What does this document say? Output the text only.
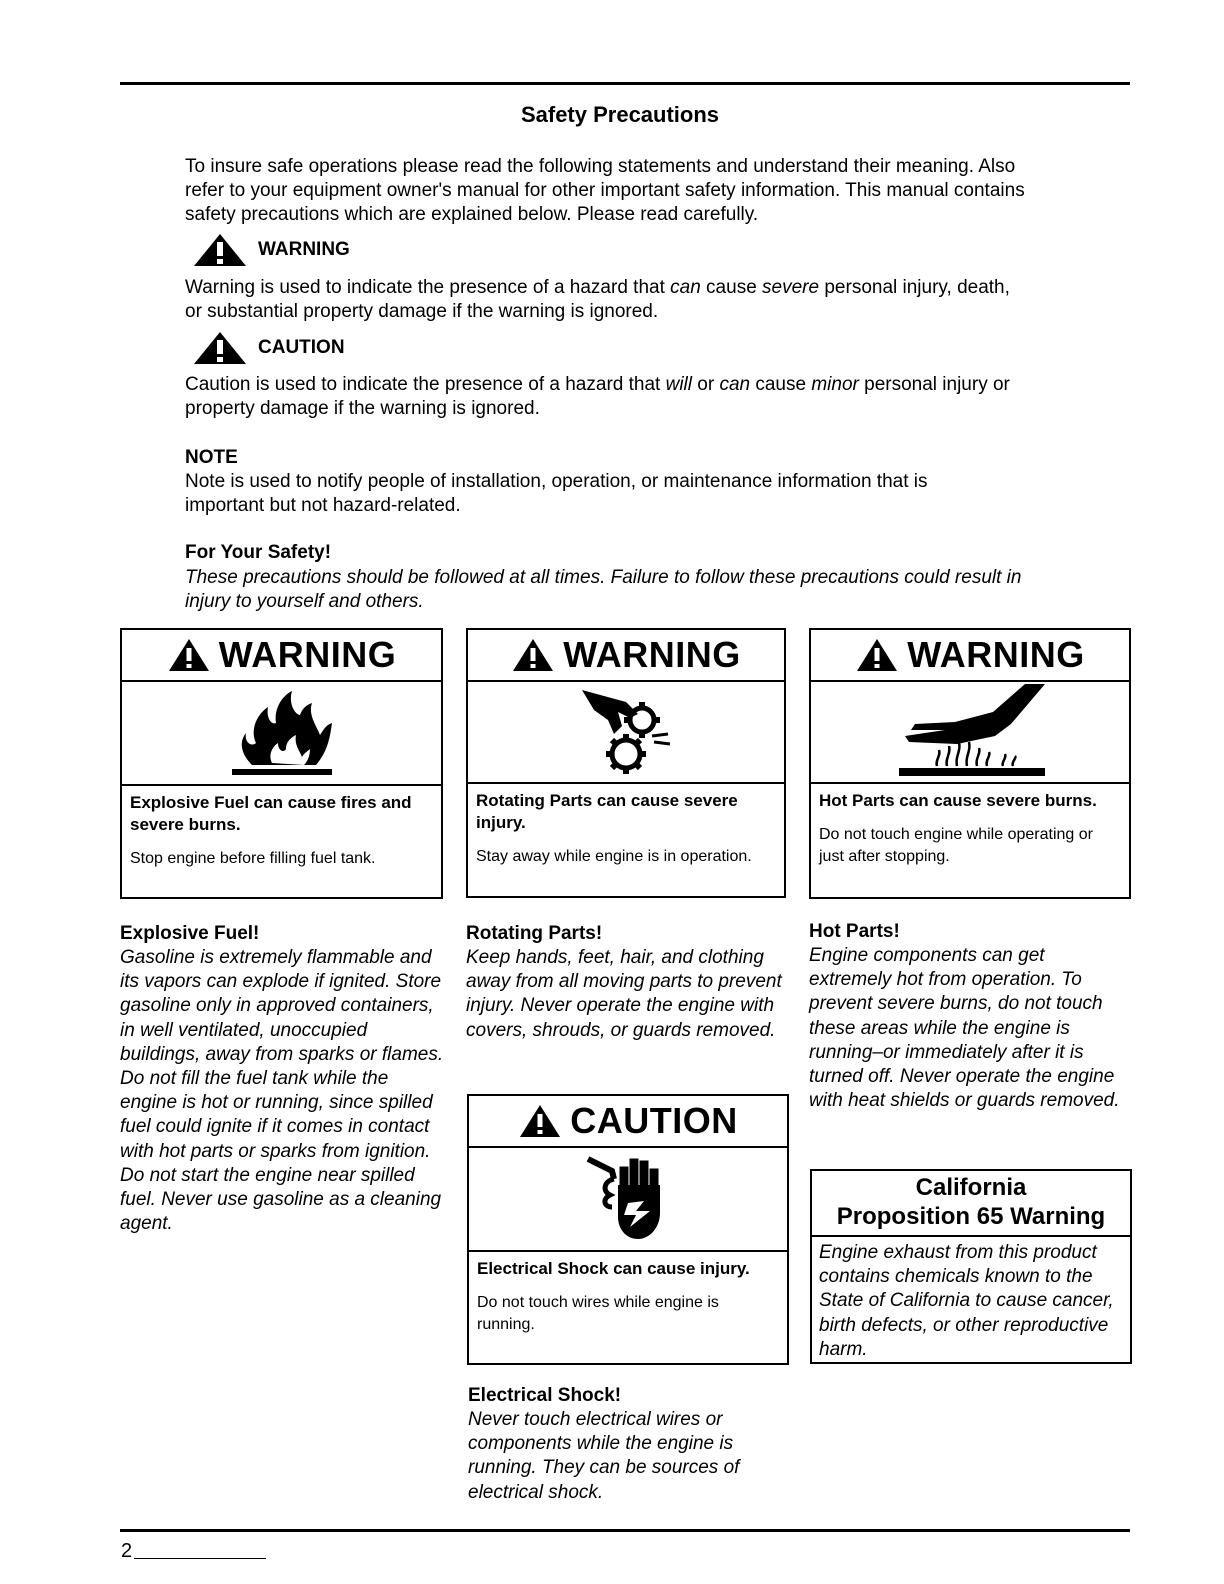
Safety Precautions
To insure safe operations please read the following statements and understand their meaning. Also refer to your equipment owner's manual for other important safety information. This manual contains safety precautions which are explained below. Please read carefully.
WARNING
Warning is used to indicate the presence of a hazard that can cause severe personal injury, death, or substantial property damage if the warning is ignored.
CAUTION
Caution is used to indicate the presence of a hazard that will or can cause minor personal injury or property damage if the warning is ignored.
NOTE
Note is used to notify people of installation, operation, or maintenance information that is important but not hazard-related.
For Your Safety!
These precautions should be followed at all times. Failure to follow these precautions could result in injury to yourself and others.
WARNING
Explosive Fuel can cause fires and severe burns.
Stop engine before filling fuel tank.
WARNING
Rotating Parts can cause severe injury.
Stay away while engine is in operation.
WARNING
Hot Parts can cause severe burns.
Do not touch engine while operating or just after stopping.
Explosive Fuel!
Gasoline is extremely flammable and its vapors can explode if ignited. Store gasoline only in approved containers, in well ventilated, unoccupied buildings, away from sparks or flames. Do not fill the fuel tank while the engine is hot or running, since spilled fuel could ignite if it comes in contact with hot parts or sparks from ignition. Do not start the engine near spilled fuel. Never use gasoline as a cleaning agent.
Rotating Parts!
Keep hands, feet, hair, and clothing away from all moving parts to prevent injury. Never operate the engine with covers, shrouds, or guards removed.
Hot Parts!
Engine components can get extremely hot from operation. To prevent severe burns, do not touch these areas while the engine is running–or immediately after it is turned off. Never operate the engine with heat shields or guards removed.
CAUTION
Electrical Shock can cause injury.
Do not touch wires while engine is running.
Electrical Shock!
Never touch electrical wires or components while the engine is running. They can be sources of electrical shock.
California
Proposition 65 Warning
Engine exhaust from this product contains chemicals known to the State of California to cause cancer, birth defects, or other reproductive harm.
2
